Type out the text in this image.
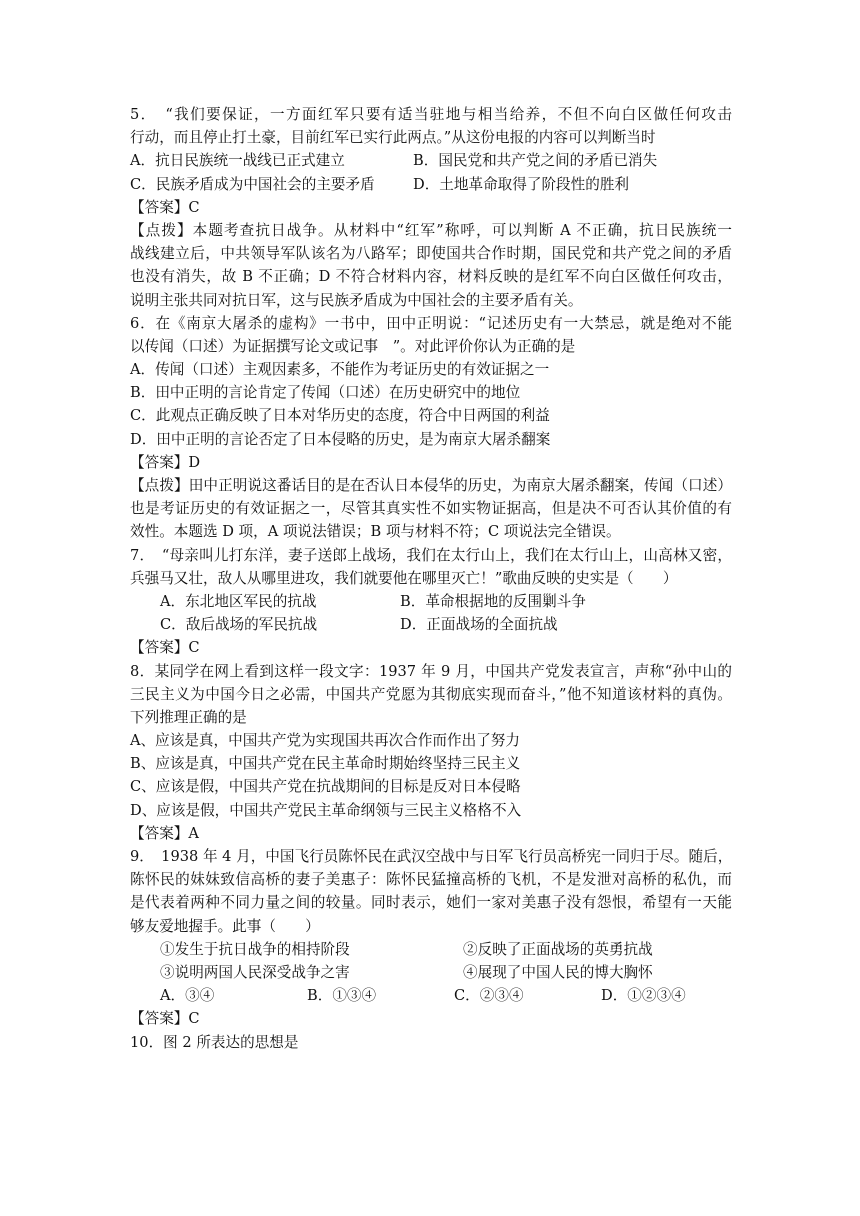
5．　“我们要保证，一方面红军只要有适当驻地与相当给养，不但不向白区做任何攻击
行动，而且停止打土豪，目前红军已实行此两点。”从这份电报的内容可以判断当时
A．抗日民族统一战线已正式建立	B．国民党和共产党之间的矛盾已消失
C．民族矛盾成为中国社会的主要矛盾	D．土地革命取得了阶段性的胜利
【答案】C
【点拨】本题考查抗日战争。从材料中“红军”称呼，可以判断 A 不正确，抗日民族统一
战线建立后，中共领导军队该名为八路军；即使国共合作时期，国民党和共产党之间的矛盾
也没有消失，故 B 不正确；D 不符合材料内容，材料反映的是红军不向白区做任何攻击，
说明主张共同对抗日军，这与民族矛盾成为中国社会的主要矛盾有关。
6．在《南京大屠杀的虚构》一书中，田中正明说：“记述历史有一大禁忌，就是绝对不能
以传闻（口述）为证据撰写论文或记事　”。对此评价你认为正确的是
A．传闻（口述）主观因素多，不能作为考证历史的有效证据之一
B．田中正明的言论肯定了传闻（口述）在历史研究中的地位
C．此观点正确反映了日本对华历史的态度，符合中日两国的利益
D．田中正明的言论否定了日本侵略的历史，是为南京大屠杀翻案
【答案】D
【点拨】田中正明说这番话目的是在否认日本侵华的历史，为南京大屠杀翻案，传闻（口述）
也是考证历史的有效证据之一，尽管其真实性不如实物证据高，但是决不可否认其价值的有
效性。本题选 D 项，A 项说法错误；B 项与材料不符；C 项说法完全错误。
7．　“母亲叫儿打东洋，妻子送郎上战场，我们在太行山上，我们在太行山上，山高林又密，
兵强马又壮，敌人从哪里进攻，我们就要他在哪里灭亡！”歌曲反映的史实是（　　）
A．东北地区军民的抗战	B．革命根据地的反围剿斗争
C．敌后战场的军民抗战	D．正面战场的全面抗战
【答案】C
8．某同学在网上看到这样一段文字：1937 年 9 月，中国共产党发表宣言，声称“孙中山的
三民主义为中国今日之必需，中国共产党愿为其彻底实现而奋斗，”他不知道该材料的真伪。
下列推理正确的是
A、应该是真，中国共产党为实现国共再次合作而作出了努力
B、应该是真，中国共产党在民主革命时期始终坚持三民主义
C、应该是假，中国共产党在抗战期间的目标是反对日本侵略
D、应该是假，中国共产党民主革命纲领与三民主义格格不入
【答案】A
9．　1938 年 4 月，中国飞行员陈怀民在武汉空战中与日军飞行员高桥宪一同归于尽。随后，
陈怀民的妹妹致信高桥的妻子美惠子：陈怀民猛撞高桥的飞机，不是发泄对高桥的私仇，而
是代表着两种不同力量之间的较量。同时表示，她们一家对美惠子没有怨恨，希望有一天能
够友爱地握手。此事（　　）
①发生于抗日战争的相持阶段	②反映了正面战场的英勇抗战
③说明两国人民深受战争之害	④展现了中国人民的博大胸怀
A．③④	B．①③④	C．②③④	D．①②③④
【答案】C
10．图 2 所表达的思想是
